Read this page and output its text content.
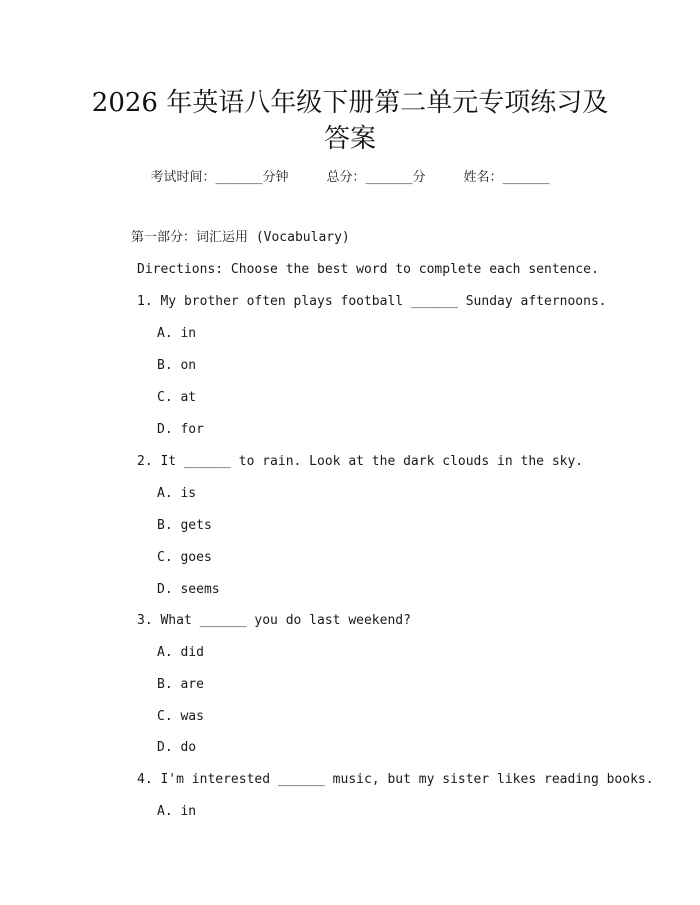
2026 年英语八年级下册第二单元专项练习及
答案
考试时间：______分钟	总分：______分	姓名：______
第一部分：词汇运用 (Vocabulary)
Directions: Choose the best word to complete each sentence.
1. My brother often plays football ______ Sunday afternoons.
A. in
B. on
C. at
D. for
2. It ______ to rain. Look at the dark clouds in the sky.
A. is
B. gets
C. goes
D. seems
3. What ______ you do last weekend?
A. did
B. are
C. was
D. do
4. I'm interested ______ music, but my sister likes reading books.
A. in
